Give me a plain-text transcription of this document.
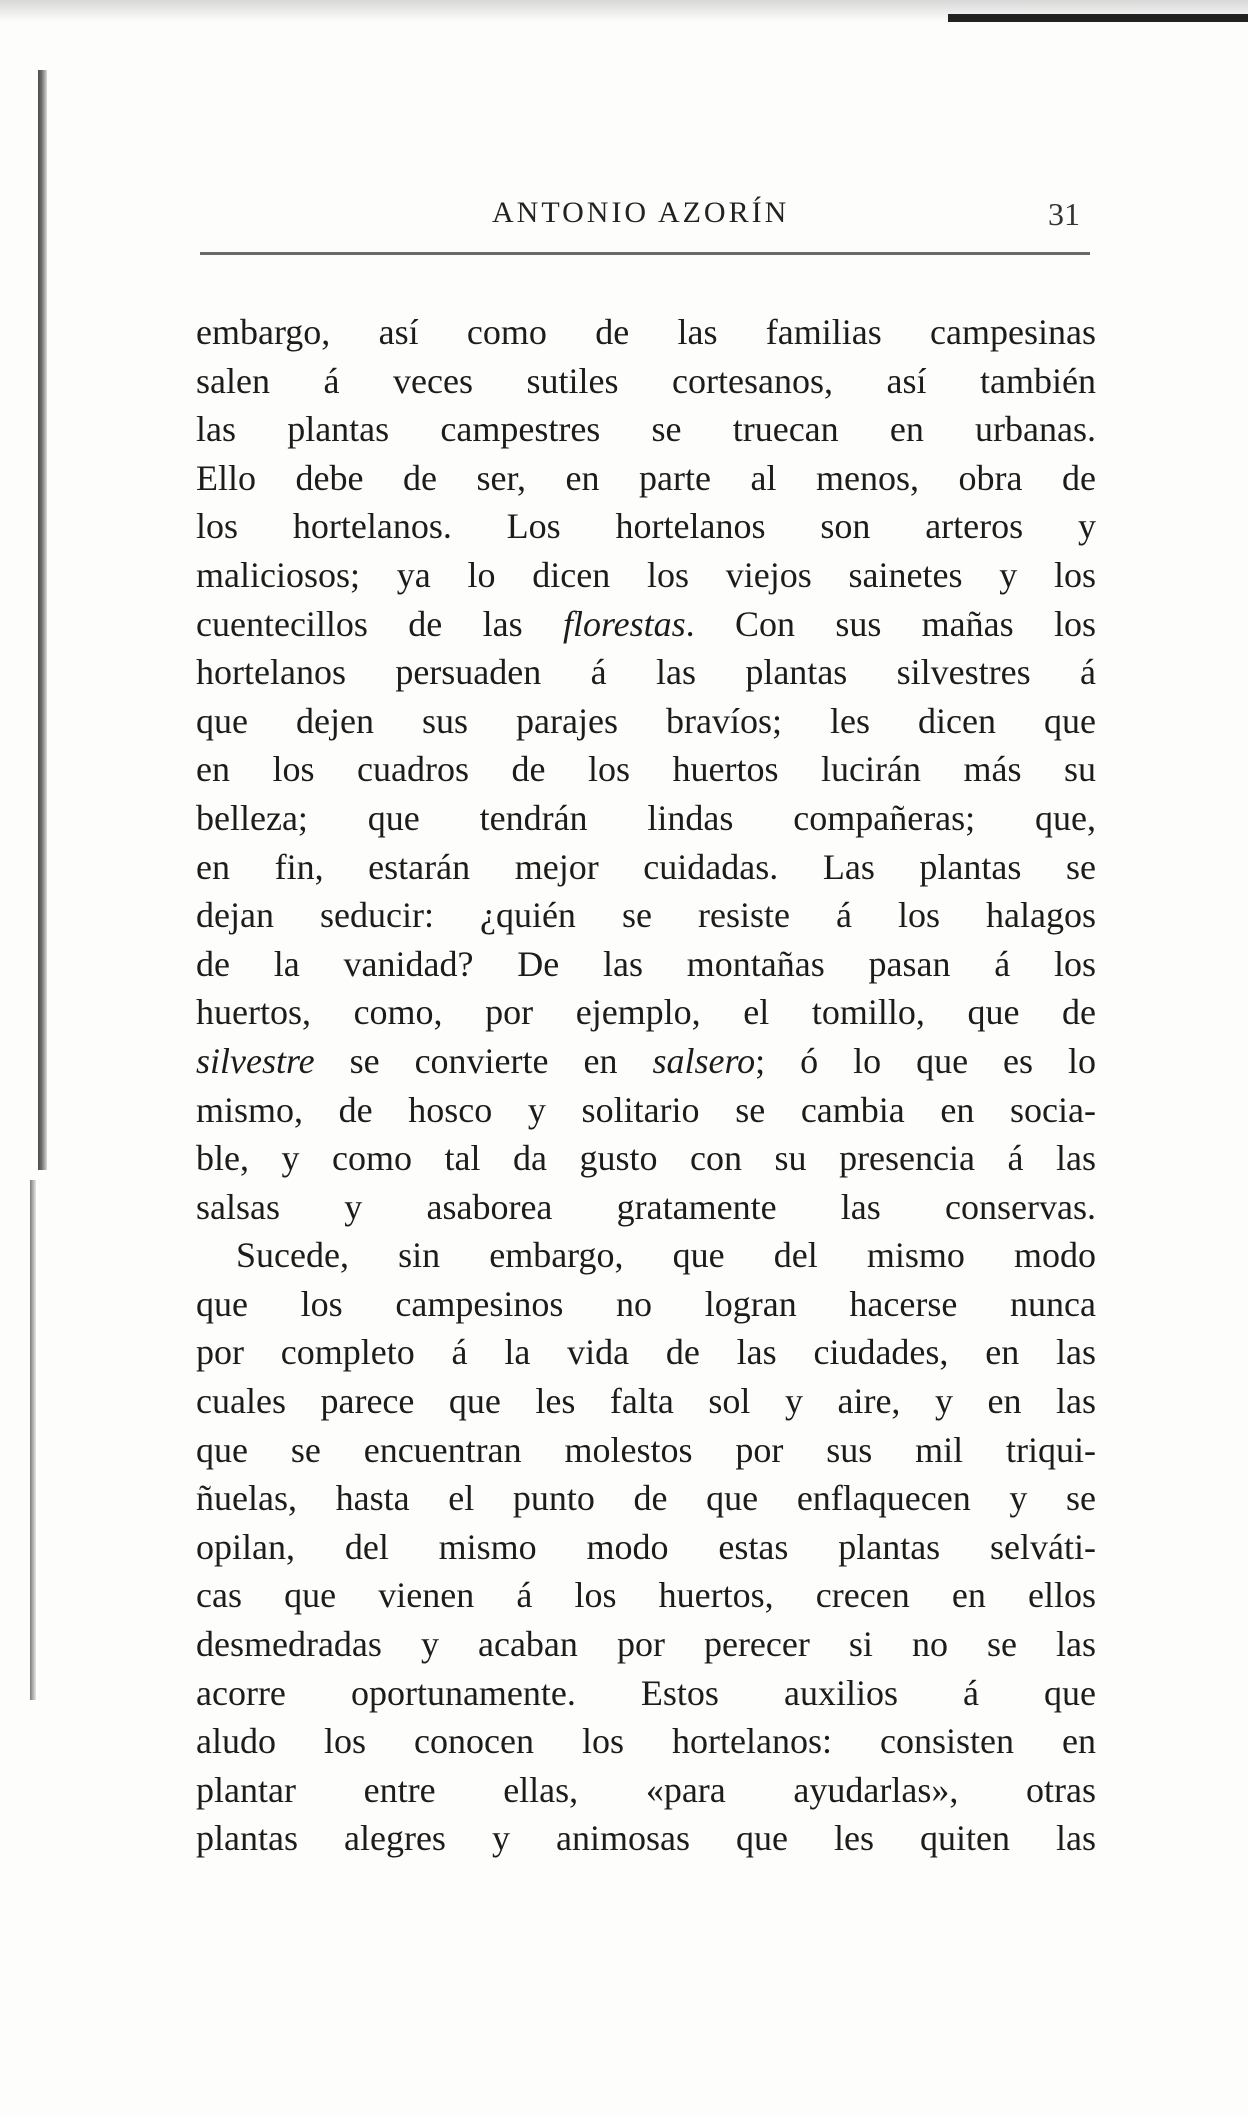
ANTONIO AZORÍN	31
embargo, así como de las familias campesinas
salen á veces sutiles cortesanos, así también
las plantas campestres se truecan en urbanas.
Ello debe de ser, en parte al menos, obra de
los hortelanos. Los hortelanos son arteros y
maliciosos; ya lo dicen los viejos sainetes y los
cuentecillos de las florestas. Con sus mañas los
hortelanos persuaden á las plantas silvestres á
que dejen sus parajes bravíos; les dicen que
en los cuadros de los huertos lucirán más su
belleza; que tendrán lindas compañeras; que,
en fin, estarán mejor cuidadas. Las plantas se
dejan seducir: ¿quién se resiste á los halagos
de la vanidad? De las montañas pasan á los
huertos, como, por ejemplo, el tomillo, que de
silvestre se convierte en salsero; ó lo que es lo
mismo, de hosco y solitario se cambia en socia-
ble, y como tal da gusto con su presencia á las
salsas y asaborea gratamente las conservas.
Sucede, sin embargo, que del mismo modo
que los campesinos no logran hacerse nunca
por completo á la vida de las ciudades, en las
cuales parece que les falta sol y aire, y en las
que se encuentran molestos por sus mil triqui-
ñuelas, hasta el punto de que enflaquecen y se
opilan, del mismo modo estas plantas selváti-
cas que vienen á los huertos, crecen en ellos
desmedradas y acaban por perecer si no se las
acorre oportunamente. Estos auxilios á que
aludo los conocen los hortelanos: consisten en
plantar entre ellas, «para ayudarlas», otras
plantas alegres y animosas que les quiten las
